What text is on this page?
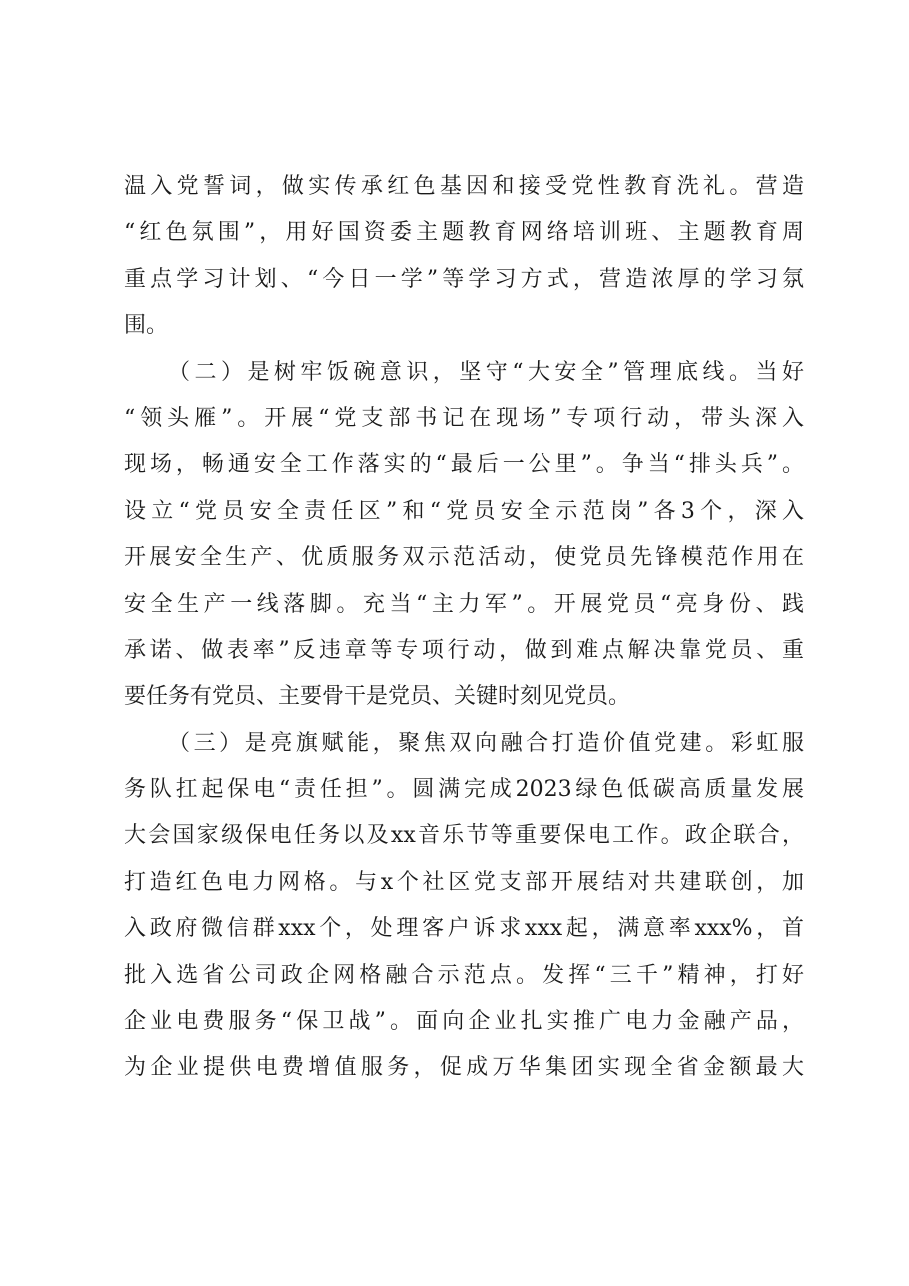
温入党誓词，做实传承红色基因和接受党性教育洗礼。营造
“红色氛围”，用好国资委主题教育网络培训班、主题教育周
重点学习计划、“今日一学”等学习方式，营造浓厚的学习氛
围。
（二）是树牢饭碗意识，坚守“大安全”管理底线。当好
“领头雁”。开展“党支部书记在现场”专项行动，带头深入
现场，畅通安全工作落实的“最后一公里”。争当“排头兵”。
设立“党员安全责任区”和“党员安全示范岗”各3个，深入
开展安全生产、优质服务双示范活动，使党员先锋模范作用在
安全生产一线落脚。充当“主力军”。开展党员“亮身份、践
承诺、做表率”反违章等专项行动，做到难点解决靠党员、重
要任务有党员、主要骨干是党员、关键时刻见党员。
（三）是亮旗赋能，聚焦双向融合打造价值党建。彩虹服
务队扛起保电“责任担”。圆满完成2023绿色低碳高质量发展
大会国家级保电任务以及xx音乐节等重要保电工作。政企联合，
打造红色电力网格。与x个社区党支部开展结对共建联创，加
入政府微信群xxx个，处理客户诉求xxx起，满意率xxx%，首
批入选省公司政企网格融合示范点。发挥“三千”精神，打好
企业电费服务“保卫战”。面向企业扎实推广电力金融产品，
为企业提供电费增值服务，促成万华集团实现全省金额最大
